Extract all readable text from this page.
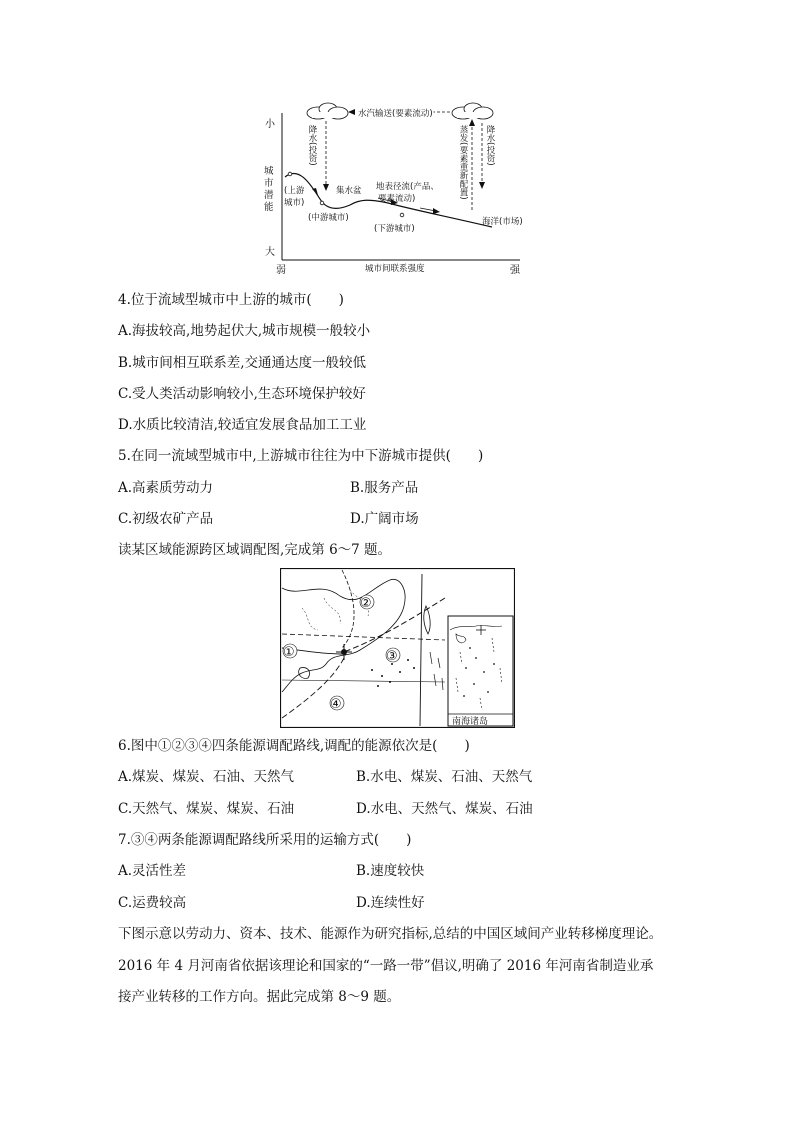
小
大
城
市
潜
能
弱	城市间联系强度	强
水汽输送(要素流动)
降水(投资)	蒸发(要素重新配置) 降水(投资)
(上游
城市)
集水盆
(中游城市)
地表径流(产品、
要素流动)
(下游城市)
海洋(市场)
4.位于流域型城市中上游的城市(　　)
A.海拔较高,地势起伏大,城市规模一般较小
B.城市间相互联系差,交通通达度一般较低
C.受人类活动影响较小,生态环境保护较好
D.水质比较清洁,较适宜发展食品加工工业
5.在同一流域型城市中,上游城市往往为中下游城市提供(　　)
A.高素质劳动力	B.服务产品
C.初级农矿产品	D.广阔市场
读某区域能源跨区域调配图,完成第 6～7 题。
①
②
③
④
南海诸岛
6.图中①②③④四条能源调配路线,调配的能源依次是(　　)
A.煤炭、煤炭、石油、天然气	B.水电、煤炭、石油、天然气
C.天然气、煤炭、煤炭、石油	D.水电、天然气、煤炭、石油
7.③④两条能源调配路线所采用的运输方式(　　)
A.灵活性差	B.速度较快
C.运费较高	D.连续性好
下图示意以劳动力、资本、技术、能源作为研究指标,总结的中国区域间产业转移梯度理论。
2016 年 4 月河南省依据该理论和国家的“一路一带”倡议,明确了 2016 年河南省制造业承
接产业转移的工作方向。据此完成第 8～9 题。
